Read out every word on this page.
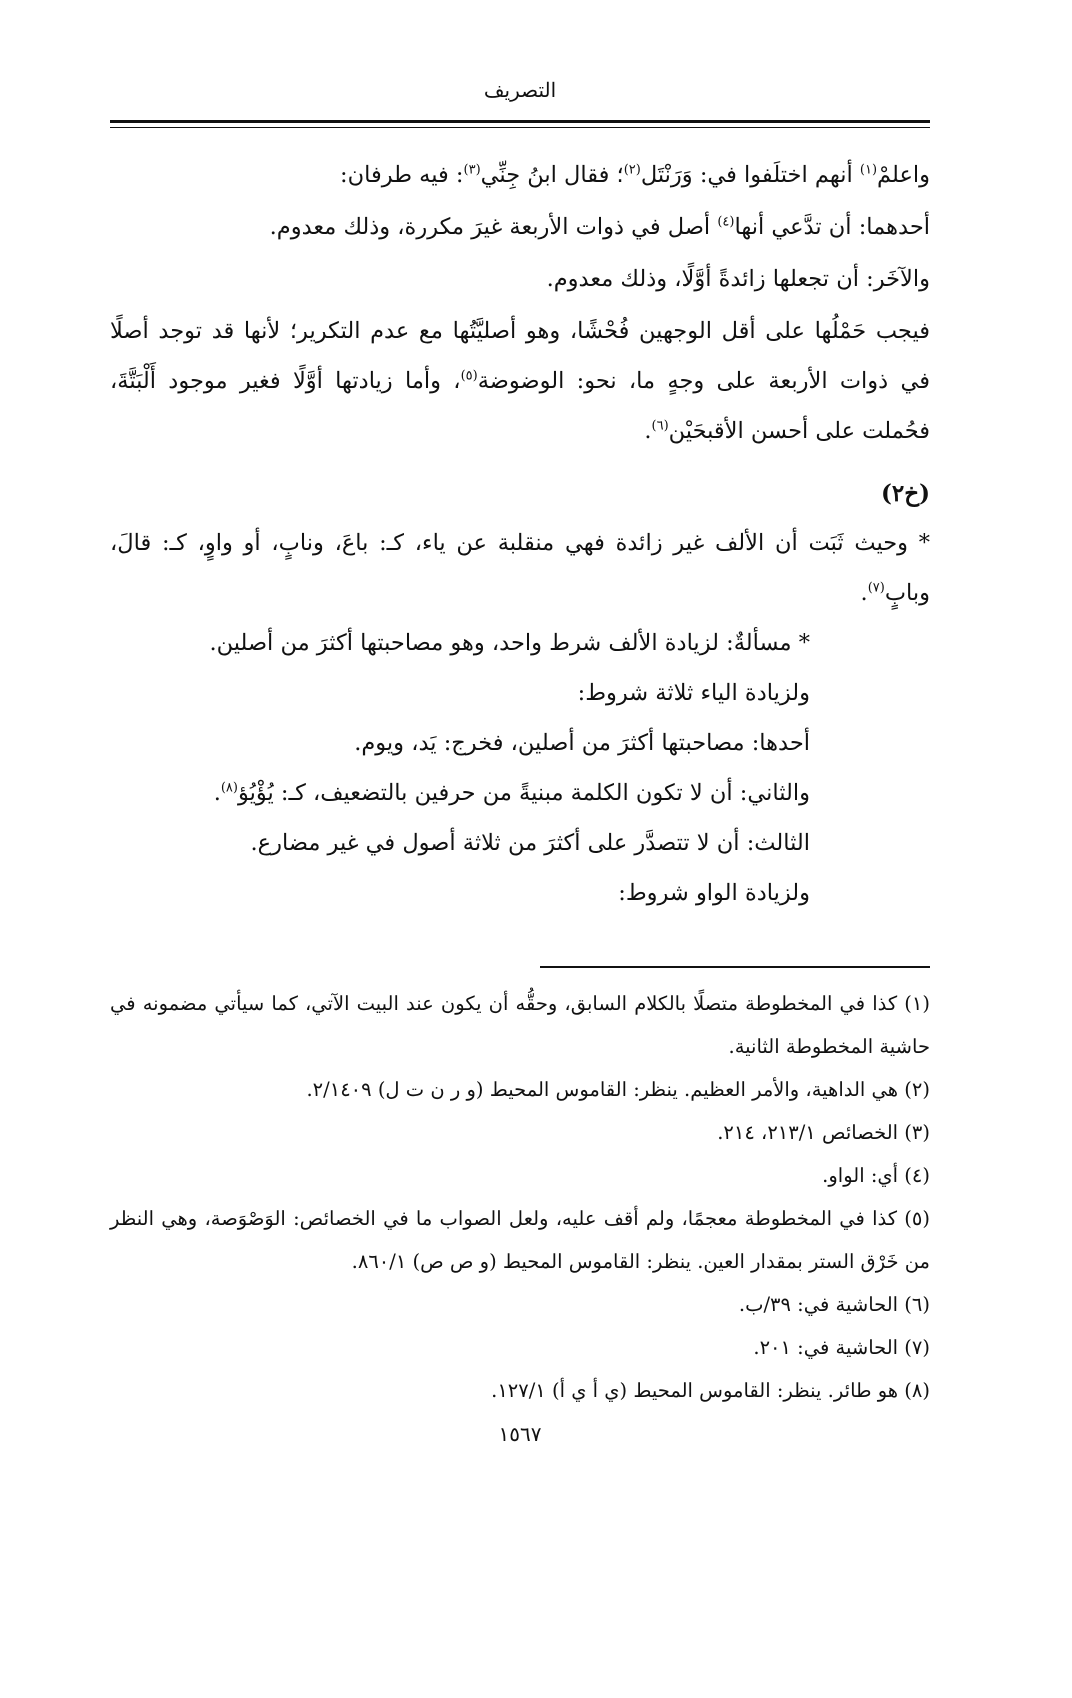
التصريف
واعلمْ$^{(١)}$ أنهم اختلَفوا في: وَرَنْتَل$^{(٢)}$؛ فقال ابنُ جِنِّي$^{(٣)}$: فيه طرفان:
أحدهما: أن تدَّعي أنها$^{(٤)}$ أصل في ذوات الأربعة غيرَ مكررة، وذلك معدوم.
والآخَر: أن تجعلها زائدةً أوَّلًا، وذلك معدوم.
فيجب حَمْلُها على أقل الوجهين فُحْشًا، وهو أصليَّتُها مع عدم التكرير؛ لأنها قد توجد أصلًا في ذوات الأربعة على وجهٍ ما، نحو: الوضوضة$^{(٥)}$، وأما زيادتها أوَّلًا فغير موجود أَلْبَتَّةَ، فحُملت على أحسن الأقبحَيْن$^{(٦)}$.
(خ٢)
* وحيث ثَبَت أن الألف غير زائدة فهي منقلبة عن ياء، كـ: باعَ، ونابٍ، أو واوٍ، كـ: قالَ، وبابٍ$^{(٧)}$.
* مسألةٌ: لزيادة الألف شرط واحد، وهو مصاحبتها أكثرَ من أصلين.
ولزيادة الياء ثلاثة شروط:
أحدها: مصاحبتها أكثرَ من أصلين، فخرج: يَد، ويوم.
والثاني: أن لا تكون الكلمة مبنيةً من حرفين بالتضعيف، كـ: يُؤْيُؤ$^{(٨)}$.
الثالث: أن لا تتصدَّر على أكثرَ من ثلاثة أصول في غير مضارع.
ولزيادة الواو شروط:
(١) كذا في المخطوطة متصلًا بالكلام السابق، وحقُّه أن يكون عند البيت الآتي، كما سيأتي مضمونه في حاشية المخطوطة الثانية.
(٢) هي الداهية، والأمر العظيم. ينظر: القاموس المحيط (و ر ن ت ل) ٢/١٤٠٩.
(٣) الخصائص ٢١٣/١، ٢١٤.
(٤) أي: الواو.
(٥) كذا في المخطوطة معجمًا، ولم أقف عليه، ولعل الصواب ما في الخصائص: الوَصْوَصة، وهي النظر من خَرْق الستر بمقدار العين. ينظر: القاموس المحيط (و ص ص) ٨٦٠/١.
(٦) الحاشية في: ٣٩/ب.
(٧) الحاشية في: ٢٠١.
(٨) هو طائر. ينظر: القاموس المحيط (ي أ ي أ) ١٢٧/١.
١٥٦٧
